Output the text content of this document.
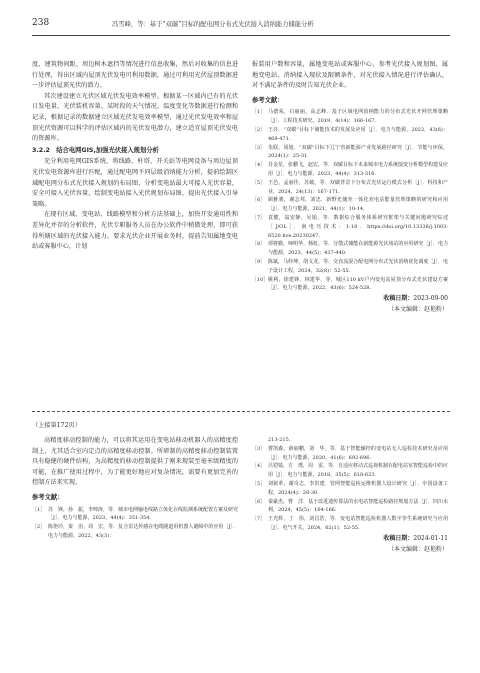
238	冯雪峰，等：基于“双碳”目标的配电网分布式光伏接入消纳能力储能分析

度、建筑物间距、周边树木遮挡等情况进行信息收集，然后对收集的信息进行处理，得出区域内屋顶光伏发电可利用数据，通过可利用光伏屋顶数据进一步评估屋顶光伏的潜力。

其次建设建立光伏区域光伏发电效率模型。根据某一区域内已有的光伏日发电量、光伏装机容量、某时段的天气情况、温度变化等数据进行检测和记录，根据记录的数据建立区域光伏发电效率模型，通过光伏发电效率和屋顶光伏资源可以科学的评估区域内的光伏发电潜力，建立适宜屋顶光伏发电的资源库。

3.2.2　结合电网GIS,加强光伏接入规划分析

充分利用电网GIS系统，将线路、杆塔、开关站等电网设备与周边屋顶光伏发电资源库进行匹配，通过配电网不同层级消纳能力分析，提前绘制区域配电网分布式光伏接入规划的布局图，分析变电站最大可接入光伏容量，安全可接入光伏容量，绘制变电站接入光伏规划布局图，提出光伏接入引导策略。

在现有区域、变电站、线路模型和分析方法基础上，加快开发通用性和差异化并存的分析软件，光伏专职服务人员在办公软件中稍微处理，即可获得所辖区域的光伏接入能力。要求光伏企业开展业务时，提前告知属地变电站或客服中心，计划

报装用户数和容量，属地变电站或客服中心，参考光伏接入规划图，属地变电站，消纳接入现状及限额条件，对光伏接入情况进行评估确认，对不满足条件的及时告知光伏企业。

参考文献：
［1］ 马德荣，白丽丽，高志峰．基于区域电网消纳能力的分布式光伏开网管理策略［J］．工程技术研究，2019，4(14)：166-167.
［2］ 王亮．“双碳”目标下储能技术的发展及应用［J］．电力与能源，2022，43(6)：469-471.
［3］ 朱联，胡旭．“双碳”目标下辽宁省新能源产业发展路径研究［J］．节能与环保，2024(1)：25-31.
［4］ 肖金星，张鹏飞，赵宏，等．双碳目标下未来城市电力系统演变分析模型构建及应用［J］．电力与能源，2023，44(4)：313-316.
［5］ 王邑，孟丽佳，苏破，等．双碳背景下分布式光伏运行模式分析［J］．科技和产业，2024，24(13)：167-171.
［6］ 顾雅骏，谢志邦，刘忠．新野光储充一体化充电站能量管理策略的研究和应用［J］．电力与能源，2021，44(1)：10-14.
［7］ 袁健，翁安静，吴娟，等．数据综合服务体系研究框架与关键问题研究综述［J/OL］．南电压技术：1-18．https://doi.org/10.13336/j.1003-6520.hve.20230247.
［8］ 谭将勤，师明华，杨虹，等．分散式储能在新能源光伏场站的应用研究［J］．电力与能源，2023，44(5)：437-440.
［9］ 陈斌，马仲坤，胡文龙，等．交直流混合配电网分布式光伏消纳优化调度［J］．电子设计工程，2024，32(8)：52-55.
［10］ 姚利，徐建锋，林建华，等．城区110 kV户内变电站屋顶分布式光伏建设方案［J］．电力与能源，2022，43(6)：524-528.
收稿日期：2023-09-00
（本文编辑：赵艳粉）
（上接第172页）

高精度移动控制的能力，可以将其运用在变电站移动机器人的高精度控制上，尤其适合室内定点的高精度移动控制。所研制的高精度移动控制装置具有稳健的硬件结构，为高精度的移动控制提供了刚来现装至毫米级精度的可能，在推广使用过程中，为了能更好地应对复杂情况，需要有更加完善的控制方法来实现。

参考文献：
［1］ 苏　锋，孙　振，李帅涛，等．城市电网输电线路立体化在线监测系统配置方案及研究［J］．电力与能源，2023，44(4)：351-354.
［2］ 陈艳玲，秦　治，周　宏，等．复合雷达传感在电缆隧道用机器人避障中的应用［J］．电力与能源，2022，43(3)：
213-215.
［3］ 曹凯森，薛丽鹏，刘　华，等．基于智能辅控的变电站无人巡检技术研究及应用［J］．电力与能源，2020，41(6)：692-696.
［4］ 吕铠镜，方　璞，周　雷，等．自适应移动式巡视机制在配电站室智能巡检中的应用［J］．电力与能源，2018，35(5)：618-623.
［5］ 刘铭革，谢奇志，李洪建．管网智能巡检运维机器人设计研究［J］．中国设备工程，2024(4)：28-30.
［6］ 秦豪杰，曹　洋．基于改进遗传算法的水电站智能巡检路径规划方法［J］．四川水利，2024，45(5)：164-166.
［7］ 王光辉，丁　伟，刘昌浩，等．变电站智能巡检机器人数字孪生系统研究与应用［J］．电气开关，2024，62(1)：52-55.
收稿日期：2024-01-11
（本文编辑：赵艳粉）
